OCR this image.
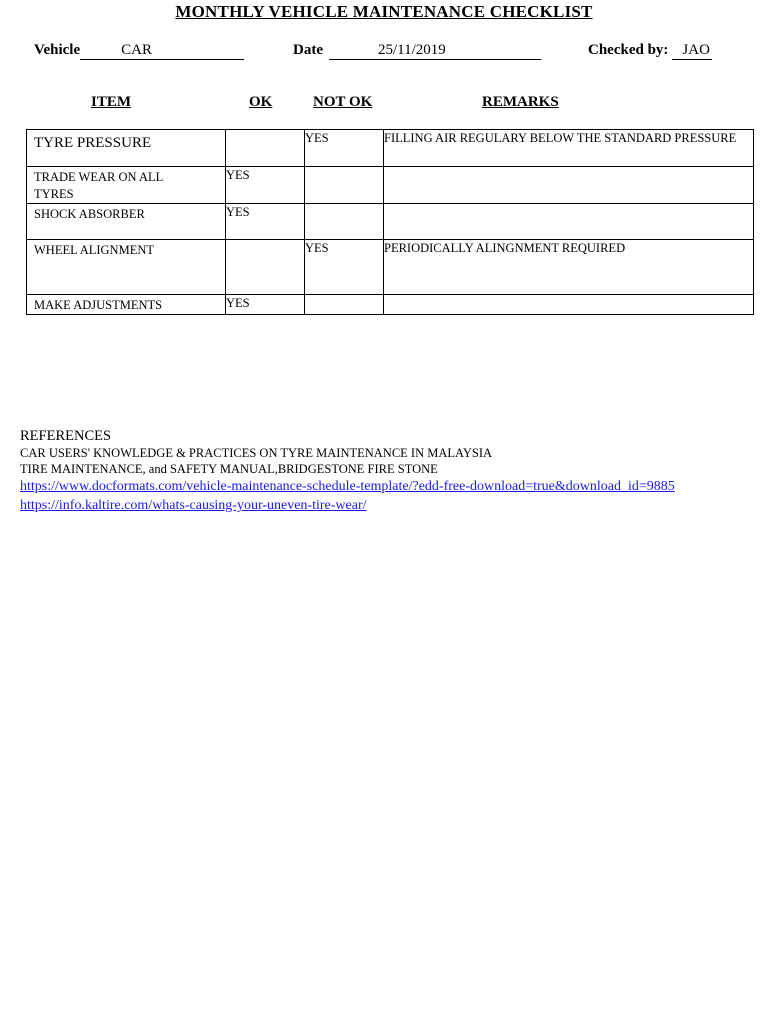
MONTHLY VEHICLE MAINTENANCE CHECKLIST
Vehicle	CAR	Date	25/11/2019	Checked by: JAO
ITEM	OK	NOT OK	REMARKS
TYRE PRESSURE		YES	FILLING AIR REGULARY BELOW THE STANDARD PRESSURE

TRADE WEAR ON ALL TYRES	YES		
SHOCK ABSORBER	YES		
WHEEL ALIGNMENT		YES	PERIODICALLY ALINGNMENT REQUIRED
MAKE ADJUSTMENTS	YES		
REFERENCES
CAR USERS' KNOWLEDGE & PRACTICES ON TYRE MAINTENANCE IN MALAYSIA
TIRE MAINTENANCE, and SAFETY MANUAL,BRIDGESTONE FIRE STONE
https://www.docformats.com/vehicle-maintenance-schedule-template/?edd-free-download=true&download_id=9885
https://info.kaltire.com/whats-causing-your-uneven-tire-wear/
